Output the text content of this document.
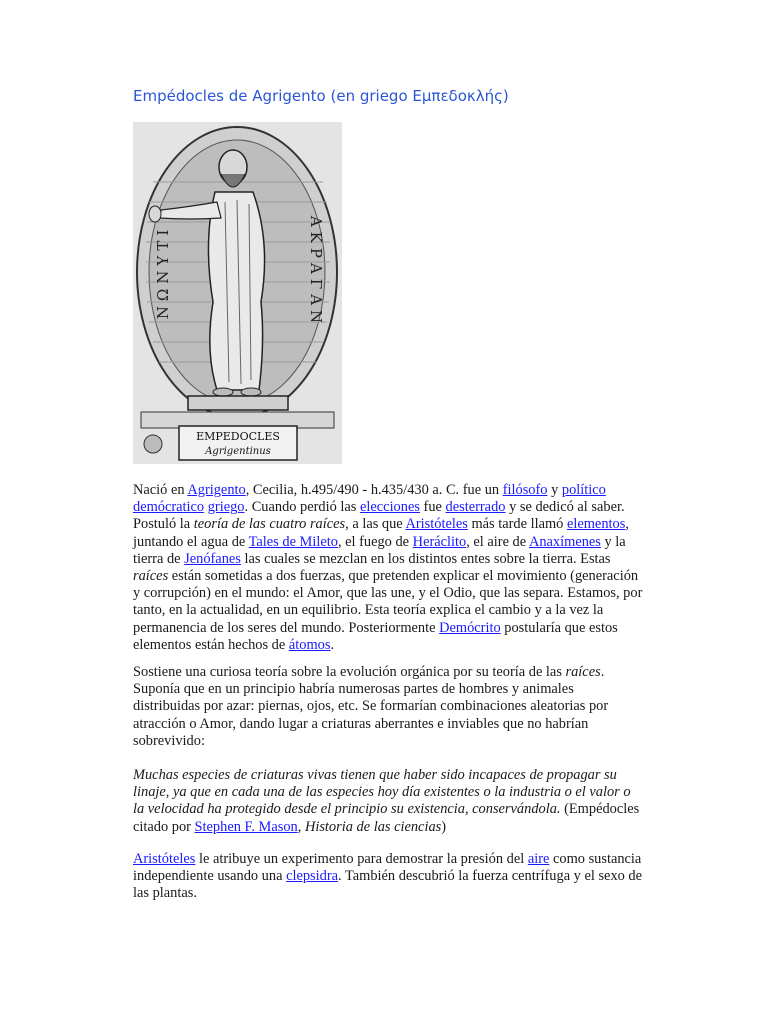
Empédocles de Agrigento (en griego Εμπεδοκλής)
ΝΩΝΥΤΙ	ΑΚΡΑΓΑΝ
EMPEDOCLES
Agrigentinus

Nació en Agrigento, Cecilia, h.495/490 - h.435/430 a. C. fue un filósofo y político demócratico griego. Cuando perdió las elecciones fue desterrado y se dedicó al saber. Postuló la teoría de las cuatro raíces, a las que Aristóteles más tarde llamó elementos, juntando el agua de Tales de Mileto, el fuego de Heráclito, el aire de Anaxímenes y la tierra de Jenófanes las cuales se mezclan en los distintos entes sobre la tierra. Estas raíces están sometidas a dos fuerzas, que pretenden explicar el movimiento (generación y corrupción) en el mundo: el Amor, que las une, y el Odio, que las separa. Estamos, por tanto, en la actualidad, en un equilibrio. Esta teoría explica el cambio y a la vez la permanencia de los seres del mundo. Posteriormente Demócrito postularía que estos elementos están hechos de átomos.

Sostiene una curiosa teoría sobre la evolución orgánica por su teoría de las raíces. Suponía que en un principio habría numerosas partes de hombres y animales distribuidas por azar: piernas, ojos, etc. Se formarían combinaciones aleatorias por atracción o Amor, dando lugar a criaturas aberrantes e inviables que no habrían sobrevivido:

Muchas especies de criaturas vivas tienen que haber sido incapaces de propagar su linaje, ya que en cada una de las especies hoy día existentes o la industria o el valor o la velocidad ha protegido desde el principio su existencia, conservándola. (Empédocles citado por Stephen F. Mason, Historia de las ciencias)

Aristóteles le atribuye un experimento para demostrar la presión del aire como sustancia independiente usando una clepsidra. También descubrió la fuerza centrífuga y el sexo de las plantas.
